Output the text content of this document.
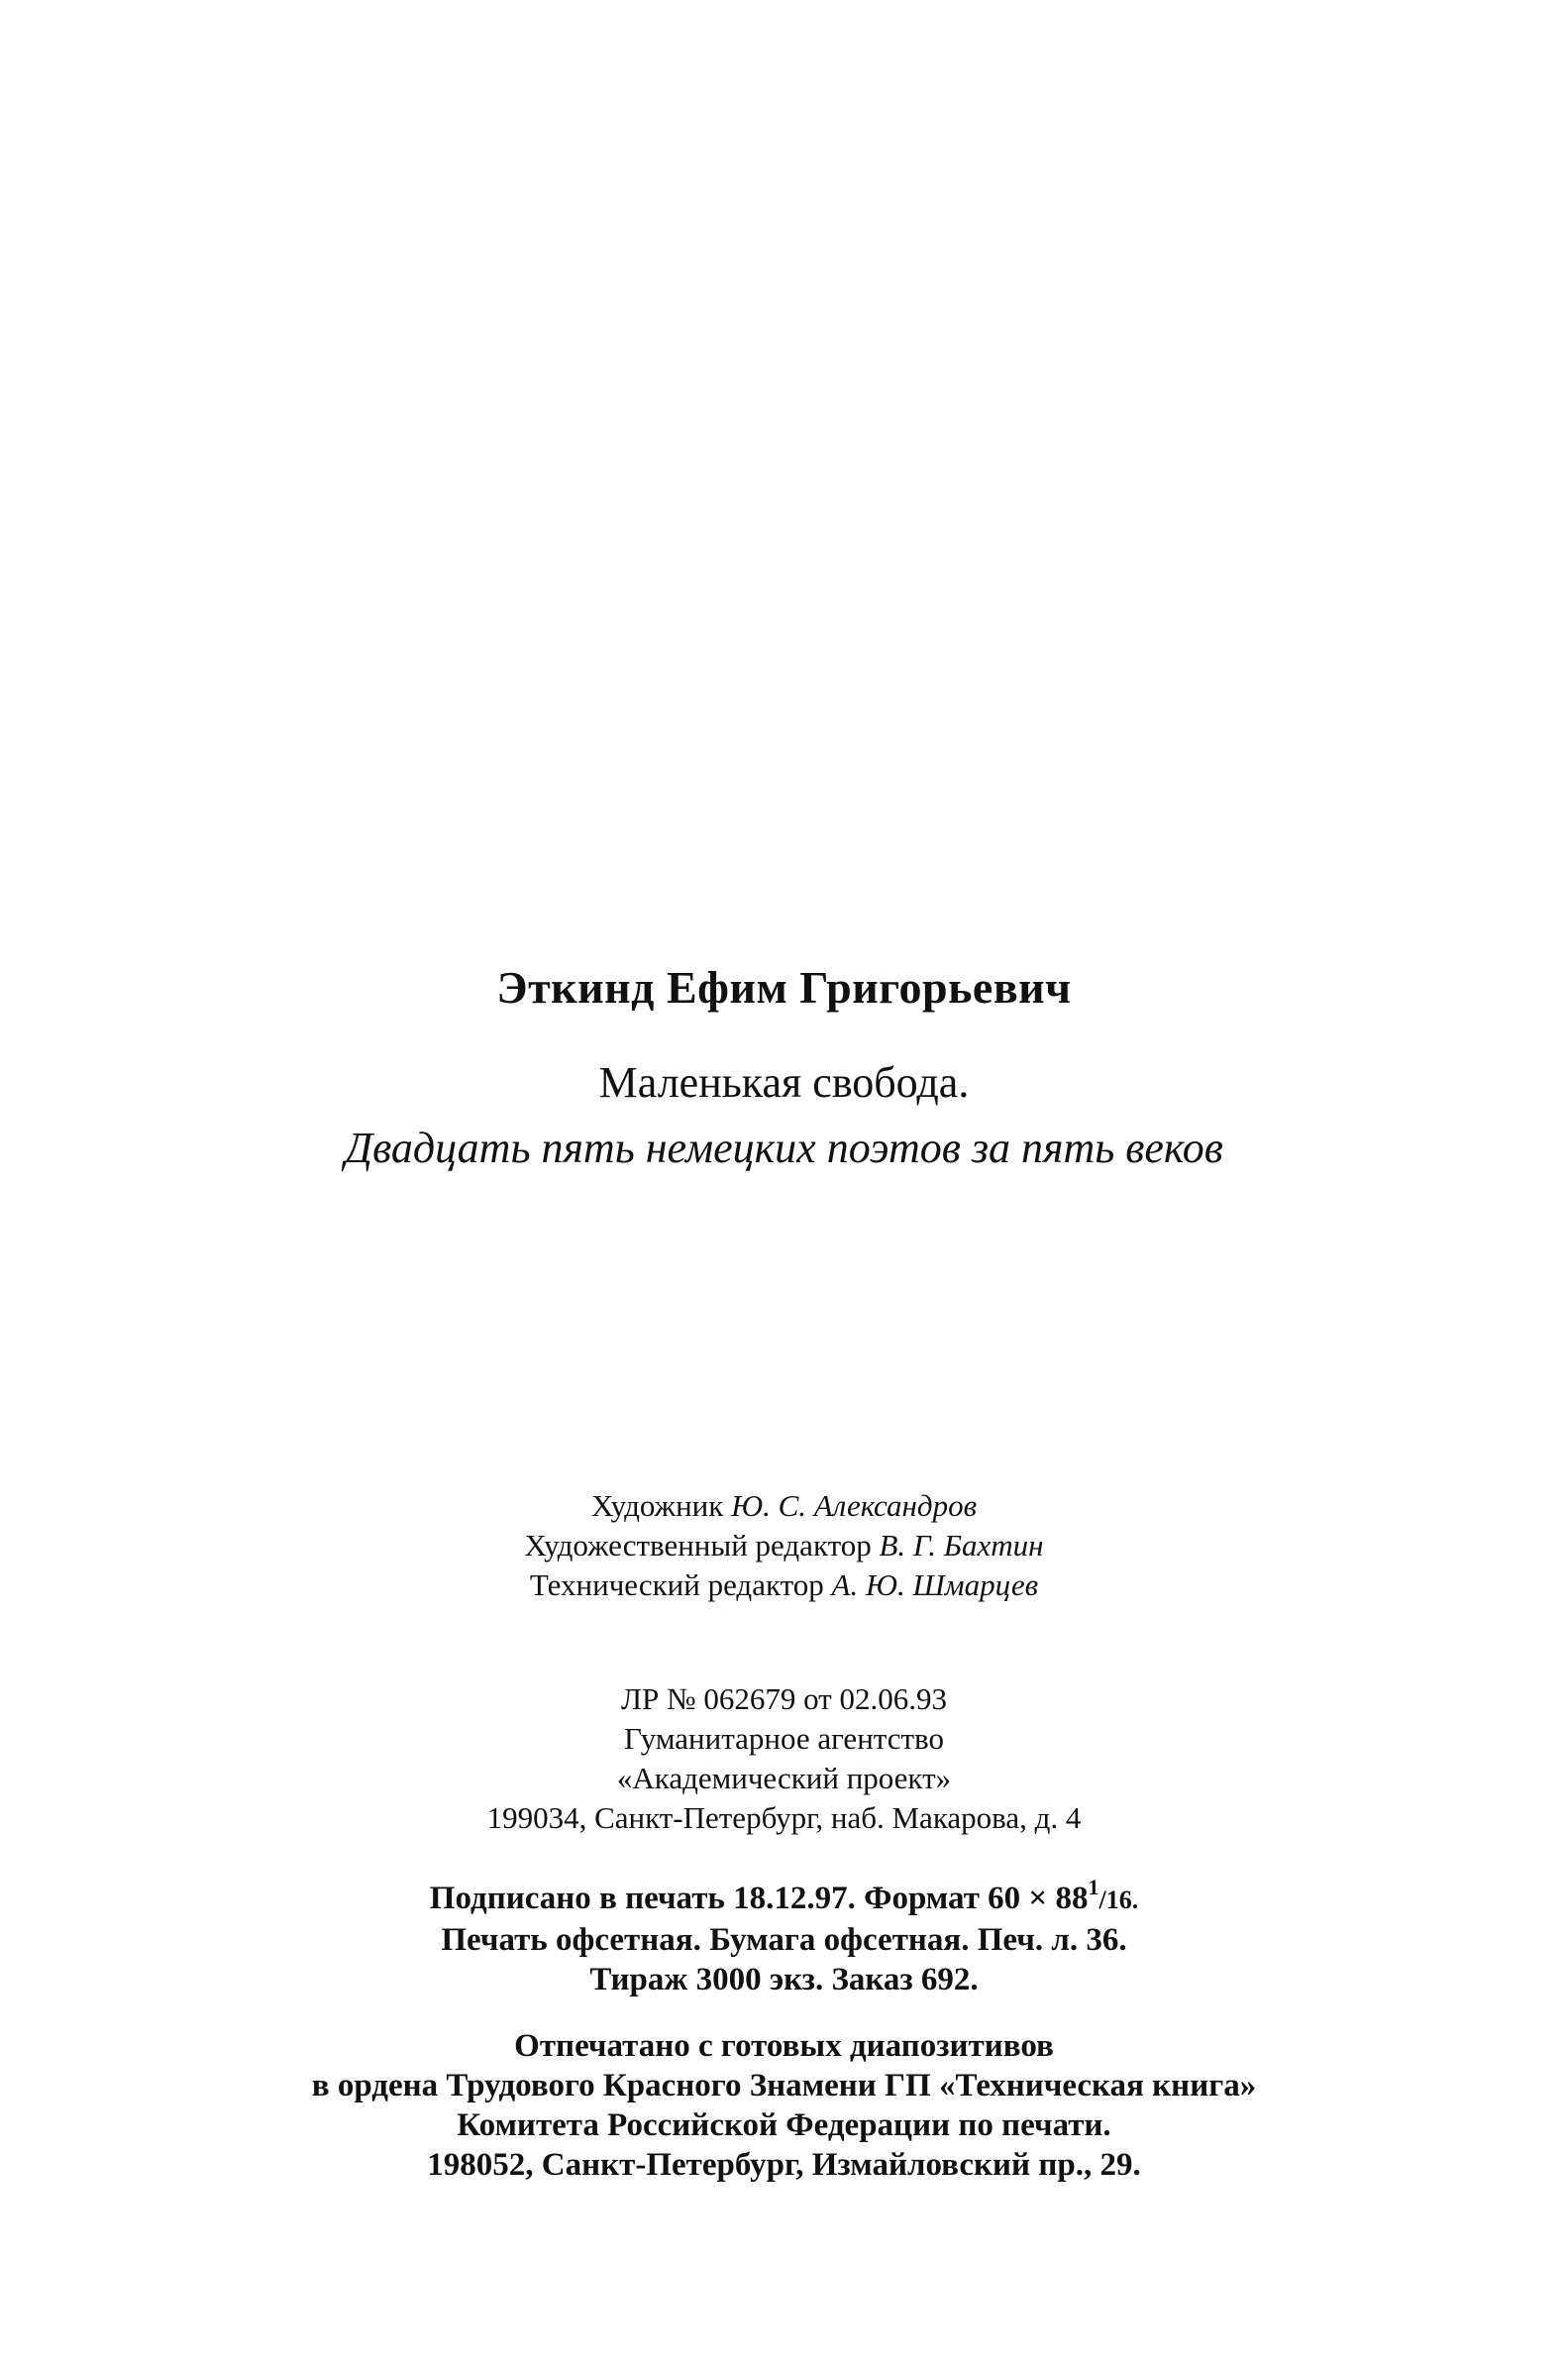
Эткинд Ефим Григорьевич
Маленькая свобода.
Двадцать пять немецких поэтов за пять веков
Художник Ю. С. Александров
Художественный редактор В. Г. Бахтин
Технический редактор А. Ю. Шмарцев
ЛР № 062679 от 02.06.93
Гуманитарное агентство
«Академический проект»
199034, Санкт-Петербург, наб. Макарова, д. 4
Подписано в печать 18.12.97. Формат $60 \times 88^1/16$.
Печать офсетная. Бумага офсетная. Печ. л. 36.
Тираж 3000 экз. Заказ 692.
Отпечатано с готовых диапозитивов
в ордена Трудового Красного Знамени ГП «Техническая книга»
Комитета Российской Федерации по печати.
198052, Санкт-Петербург, Измайловский пр., 29.
